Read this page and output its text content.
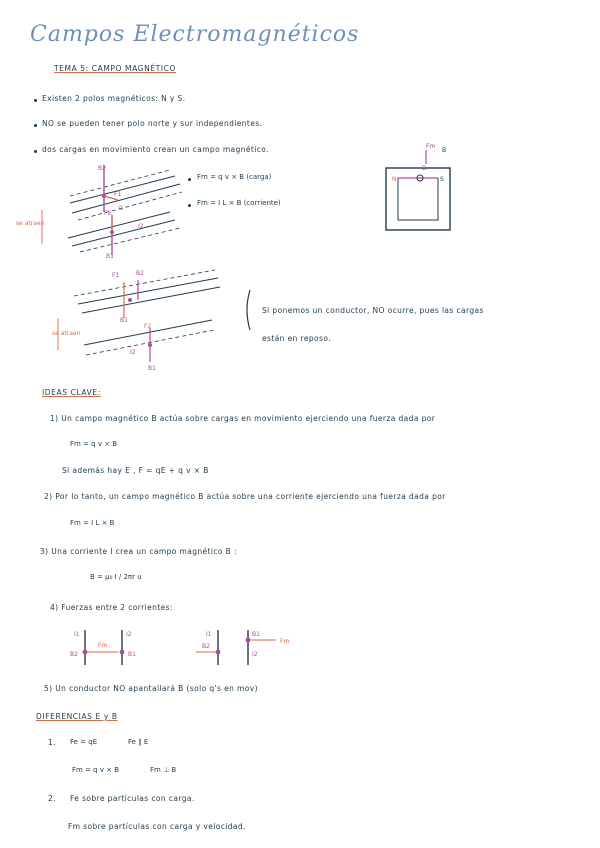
Campos Electromagnéticos
TEMA 5: CAMPO MAGNÉTICO
Existen 2 polos magnéticos: N y S.
NO se pueden tener polo norte y sur independientes.
dos cargas en movimiento crean un campo magnético.
Fm = q v × B (carga)
Fm = I L × B (corriente)
B2
F1
I1
F2
B1
I2
N	S
Fm
B
B
F1	B2
B1
F2
B1
I2
I1	I2
B2	B1
Fm
I1	B1
B2
I2
Fm
se atraen
se atraen
Si ponemos un conductor, NO ocurre, pues las cargas
están en reposo.
IDEAS CLAVE:
1) Un campo magnético B actúa sobre cargas en movimiento ejerciendo una fuerza dada por
Fm = q v × B
Si además hay E , F = qE + q v × B
2) Por lo tanto, un campo magnético B actúa sobre una corriente ejerciendo una fuerza dada por
Fm = I L × B
3) Una corriente I crea un campo magnético B :
B = μ₀ I / 2πr u
4) Fuerzas entre 2 corrientes:
5) Un conductor NO apantallará B (solo q's en mov)
DIFERENCIAS E y B
1. Fe = qE	Fe ∥ E
Fm = q v × B	Fm ⊥ B
2. Fe sobre partículas con carga.
Fm sobre partículas con carga y velocidad.
